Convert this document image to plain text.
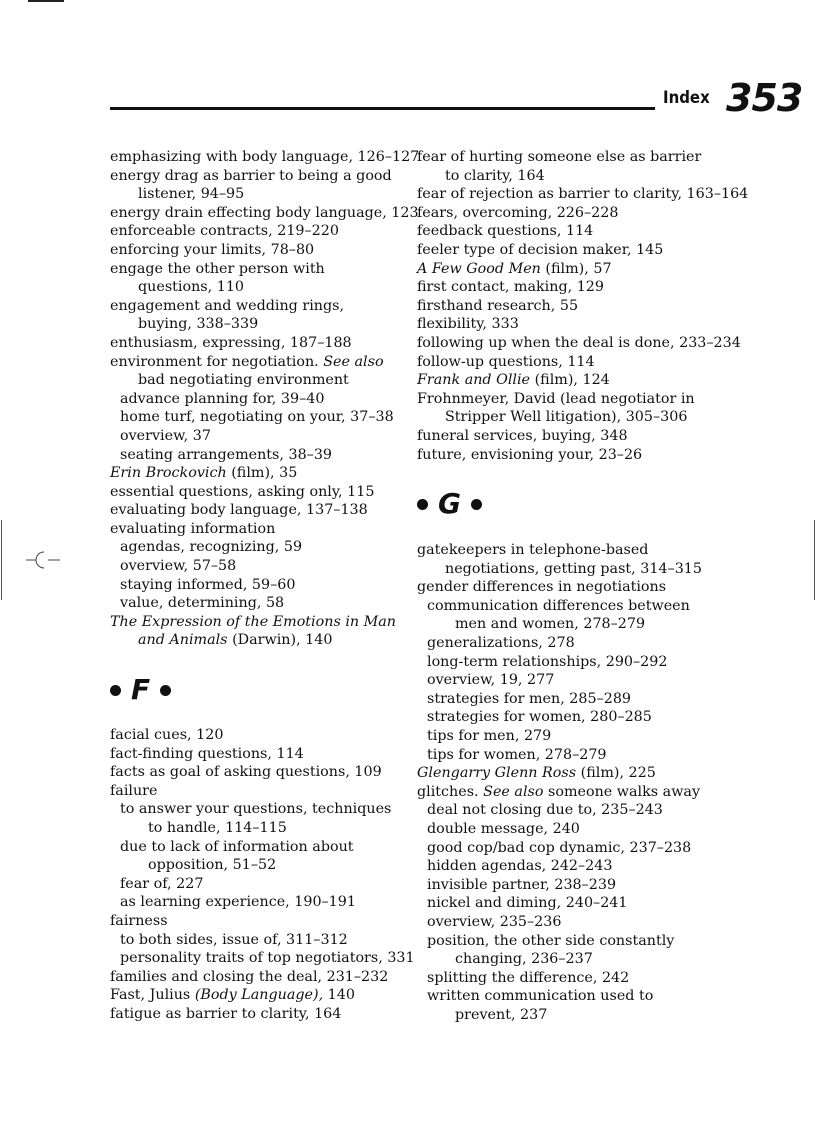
Index 353
emphasizing with body language, 126–127
energy drag as barrier to being a good listener, 94–95
energy drain effecting body language, 123
enforceable contracts, 219–220
enforcing your limits, 78–80
engage the other person with questions, 110
engagement and wedding rings, buying, 338–339
enthusiasm, expressing, 187–188
environment for negotiation. See also bad negotiating environment
advance planning for, 39–40
home turf, negotiating on your, 37–38
overview, 37
seating arrangements, 38–39
Erin Brockovich (film), 35
essential questions, asking only, 115
evaluating body language, 137–138
evaluating information
agendas, recognizing, 59
overview, 57–58
staying informed, 59–60
value, determining, 58
The Expression of the Emotions in Man and Animals (Darwin), 140
F
facial cues, 120
fact-finding questions, 114
facts as goal of asking questions, 109
failure
to answer your questions, techniques to handle, 114–115
due to lack of information about opposition, 51–52
fear of, 227
as learning experience, 190–191
fairness
to both sides, issue of, 311–312
personality traits of top negotiators, 331
families and closing the deal, 231–232
Fast, Julius (Body Language), 140
fatigue as barrier to clarity, 164
fear of hurting someone else as barrier to clarity, 164
fear of rejection as barrier to clarity, 163–164
fears, overcoming, 226–228
feedback questions, 114
feeler type of decision maker, 145
A Few Good Men (film), 57
first contact, making, 129
firsthand research, 55
flexibility, 333
following up when the deal is done, 233–234
follow-up questions, 114
Frank and Ollie (film), 124
Frohnmeyer, David (lead negotiator in Stripper Well litigation), 305–306
funeral services, buying, 348
future, envisioning your, 23–26
G
gatekeepers in telephone-based negotiations, getting past, 314–315
gender differences in negotiations
communication differences between men and women, 278–279
generalizations, 278
long-term relationships, 290–292
overview, 19, 277
strategies for men, 285–289
strategies for women, 280–285
tips for men, 279
tips for women, 278–279
Glengarry Glenn Ross (film), 225
glitches. See also someone walks away
deal not closing due to, 235–243
double message, 240
good cop/bad cop dynamic, 237–238
hidden agendas, 242–243
invisible partner, 238–239
nickel and diming, 240–241
overview, 235–236
position, the other side constantly changing, 236–237
splitting the difference, 242
written communication used to prevent, 237
